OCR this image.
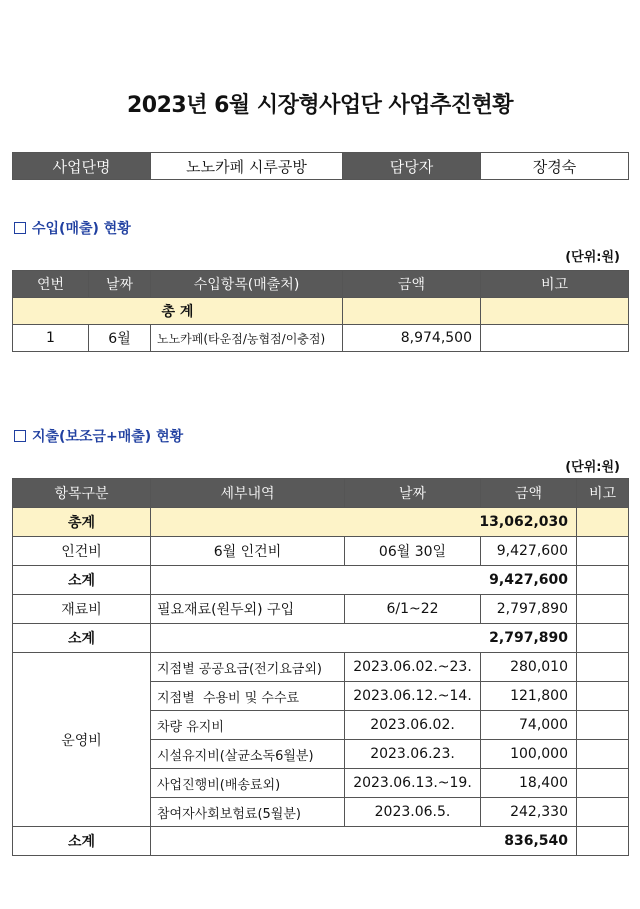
2023년 6월 시장형사업단 사업추진현황
사업단명	노노카페 시루공방	담당자	장경숙
수입(매출) 현황
(단위:원)
연번	날짜	수입항목(매출처)	금액	비고
총 계				
1	6월	노노카페(타운점/농협점/이충점)	8,974,500	
지출(보조금+매출) 현황
(단위:원)
항목구분	세부내역	날짜	금액	비고
총계	13,062,030			
인건비	6월 인건비	06월 30일	9,427,600	
소계	9,427,600			
재료비	필요재료(원두외) 구입	6/1~22	2,797,890	
소계	2,797,890			
운영비	지점별 공공요금(전기요금외)	2023.06.02.~23.	280,010	
	지점별  수용비 및 수수료	2023.06.12.~14.	121,800	
	차량 유지비	2023.06.02.	74,000	
	시설유지비(살균소독6월분)	2023.06.23.	100,000	
	사업진행비(배송료외)	2023.06.13.~19.	18,400	
	참여자사회보험료(5월분)	2023.06.5.	242,330	
소계	836,540			
